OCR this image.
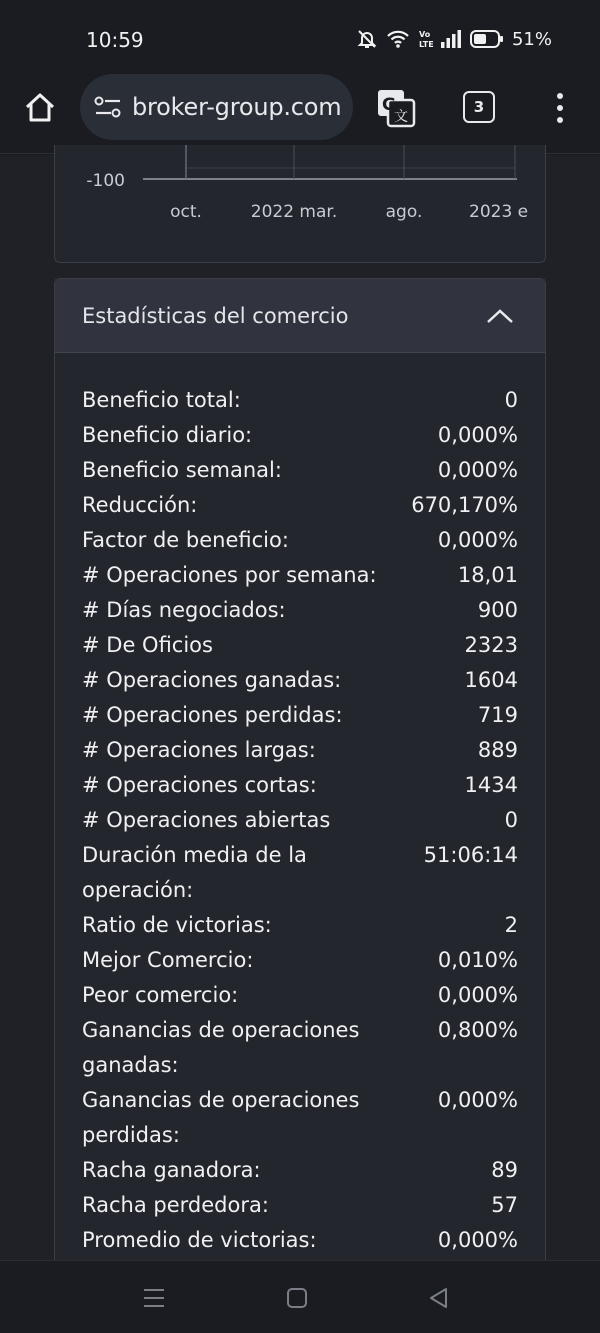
10:59	Vo
LTE	51%
broker-group.com G
文
3
-100
oct.	2022 mar.	ago.	2023 e
Estadísticas del comercio
Beneficio total:	0
Beneficio diario:	0,000%
Beneficio semanal:	0,000%
Reducción:	670,170%
Factor de beneficio:	0,000%
# Operaciones por semana:	18,01
# Días negociados:	900
# De Oficios	2323
# Operaciones ganadas:	1604
# Operaciones perdidas:	719
# Operaciones largas:	889
# Operaciones cortas:	1434
# Operaciones abiertas	0
Duración media de la operación:
51:06:14
Ratio de victorias:	2
Mejor Comercio:	0,010%
Peor comercio:	0,000%
Ganancias de operaciones ganadas:
0,800%
Ganancias de operaciones perdidas:
0,000%
Racha ganadora:	89
Racha perdedora:	57
Promedio de victorias:	0,000%
